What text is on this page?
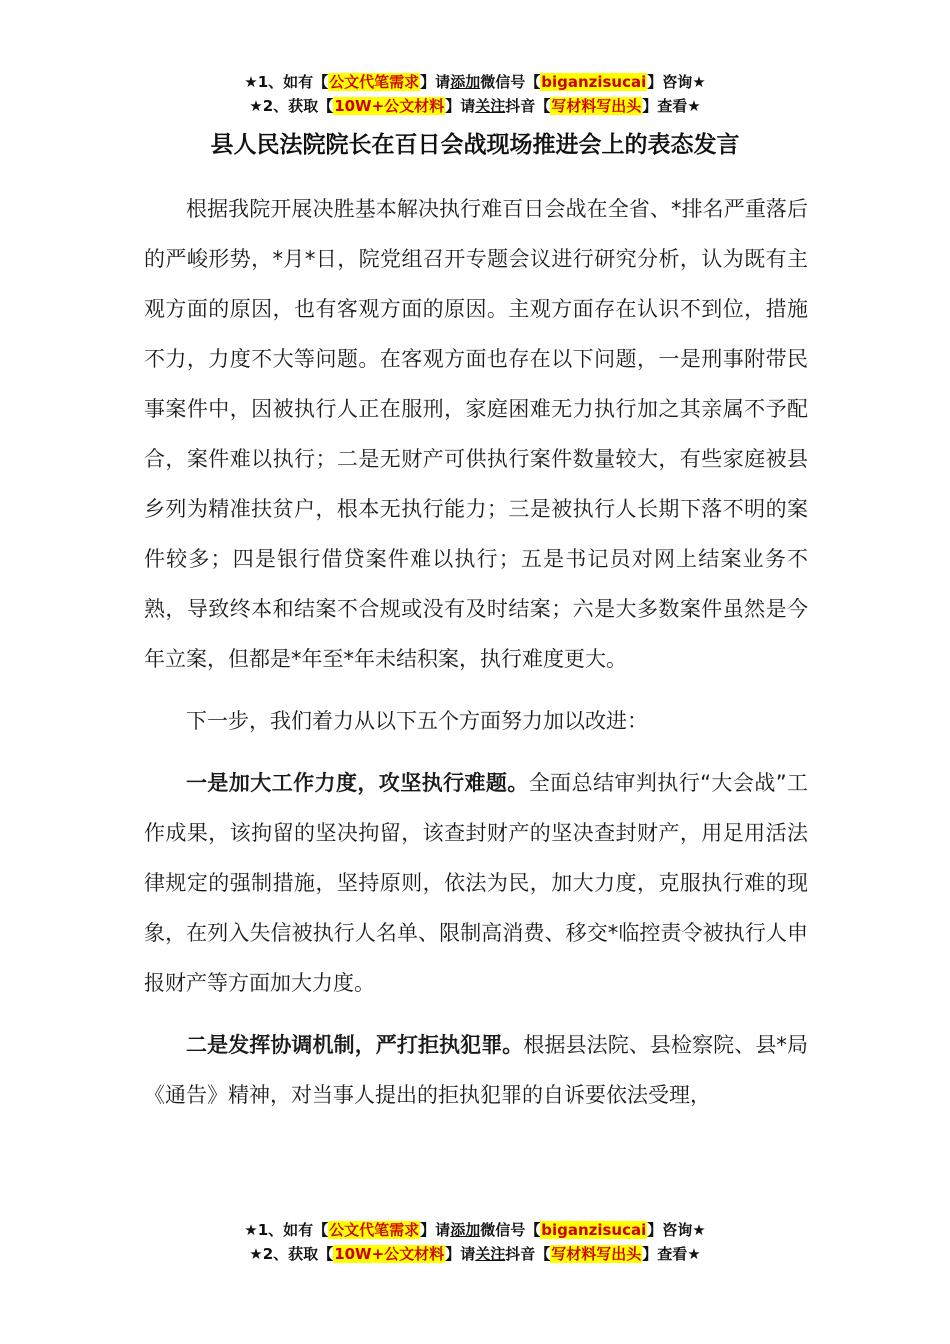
★1、如有【公文代笔需求】请添加微信号【biganzisucai】咨询★
★2、获取【10W+公文材料】请关注抖音【写材料写出头】查看★
县人民法院院长在百日会战现场推进会上的表态发言

根据我院开展决胜基本解决执行难百日会战在全省、*排名严重落后的严峻形势，*月*日，院党组召开专题会议进行研究分析，认为既有主观方面的原因，也有客观方面的原因。主观方面存在认识不到位，措施不力，力度不大等问题。在客观方面也存在以下问题，一是刑事附带民事案件中，因被执行人正在服刑，家庭困难无力执行加之其亲属不予配合，案件难以执行；二是无财产可供执行案件数量较大，有些家庭被县乡列为精准扶贫户，根本无执行能力；三是被执行人长期下落不明的案件较多；四是银行借贷案件难以执行；五是书记员对网上结案业务不熟，导致终本和结案不合规或没有及时结案；六是大多数案件虽然是今年立案，但都是*年至*年未结积案，执行难度更大。

下一步，我们着力从以下五个方面努力加以改进：

一是加大工作力度，攻坚执行难题。全面总结审判执行“大会战”工作成果，该拘留的坚决拘留，该查封财产的坚决查封财产，用足用活法律规定的强制措施，坚持原则，依法为民，加大力度，克服执行难的现象，在列入失信被执行人名单、限制高消费、移交*临控责令被执行人申报财产等方面加大力度。

二是发挥协调机制，严打拒执犯罪。根据县法院、县检察院、县*局《通告》精神，对当事人提出的拒执犯罪的自诉要依法受理，

★1、如有【公文代笔需求】请添加微信号【biganzisucai】咨询★
★2、获取【10W+公文材料】请关注抖音【写材料写出头】查看★
